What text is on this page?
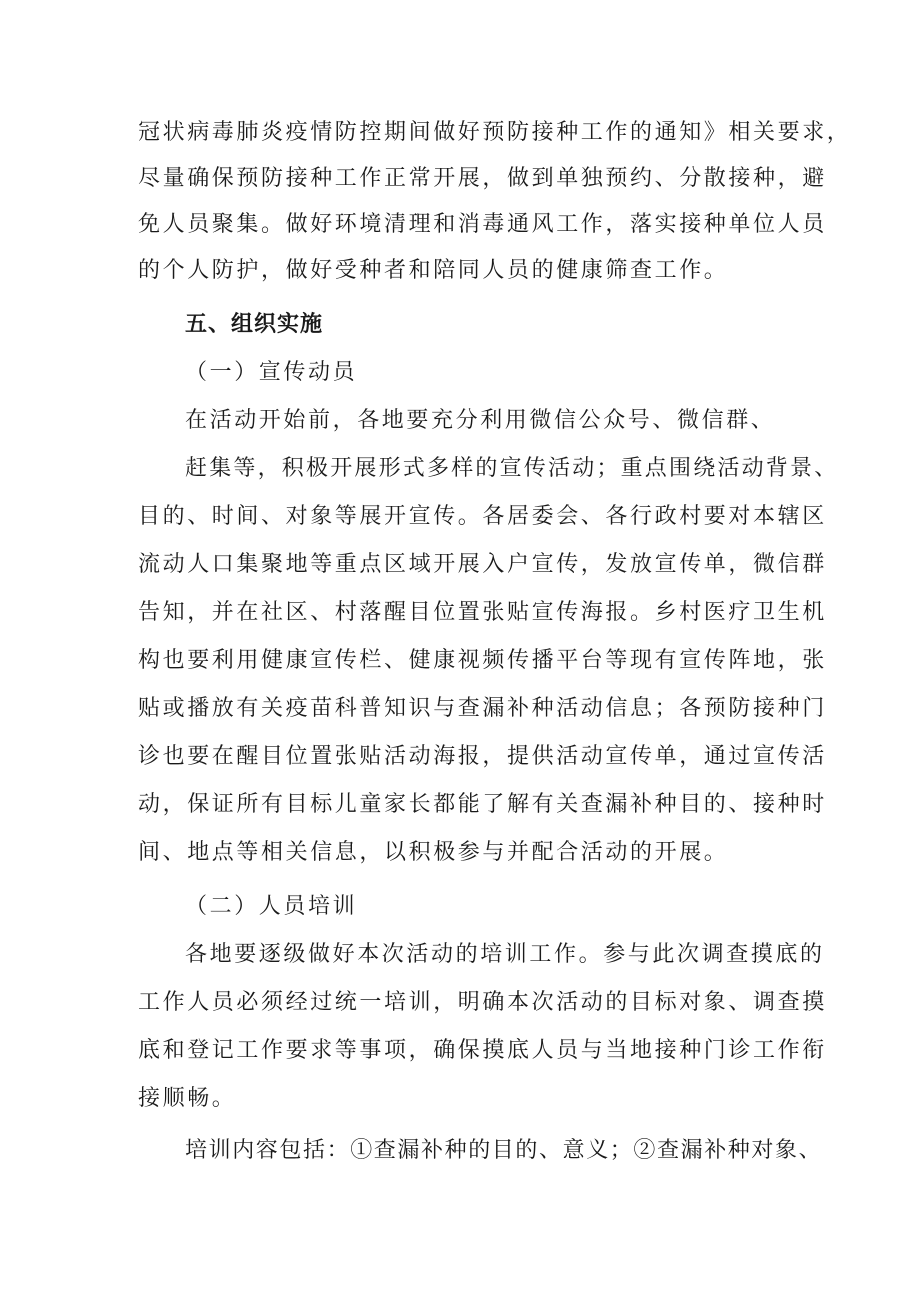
冠状病毒肺炎疫情防控期间做好预防接种工作的通知》相关要求，
尽量确保预防接种工作正常开展，做到单独预约、分散接种，避
免人员聚集。做好环境清理和消毒通风工作，落实接种单位人员
的个人防护，做好受种者和陪同人员的健康筛查工作。
五、组织实施
（一）宣传动员
在活动开始前，各地要充分利用微信公众号、微信群、
赶集等，积极开展形式多样的宣传活动；重点围绕活动背景、
目的、时间、对象等展开宣传。各居委会、各行政村要对本辖区
流动人口集聚地等重点区域开展入户宣传，发放宣传单，微信群
告知，并在社区、村落醒目位置张贴宣传海报。乡村医疗卫生机
构也要利用健康宣传栏、健康视频传播平台等现有宣传阵地，张
贴或播放有关疫苗科普知识与查漏补种活动信息；各预防接种门
诊也要在醒目位置张贴活动海报，提供活动宣传单，通过宣传活
动，保证所有目标儿童家长都能了解有关查漏补种目的、接种时
间、地点等相关信息，以积极参与并配合活动的开展。
（二）人员培训
各地要逐级做好本次活动的培训工作。参与此次调查摸底的
工作人员必须经过统一培训，明确本次活动的目标对象、调查摸
底和登记工作要求等事项，确保摸底人员与当地接种门诊工作衔
接顺畅。
培训内容包括：①查漏补种的目的、意义；②查漏补种对象、
